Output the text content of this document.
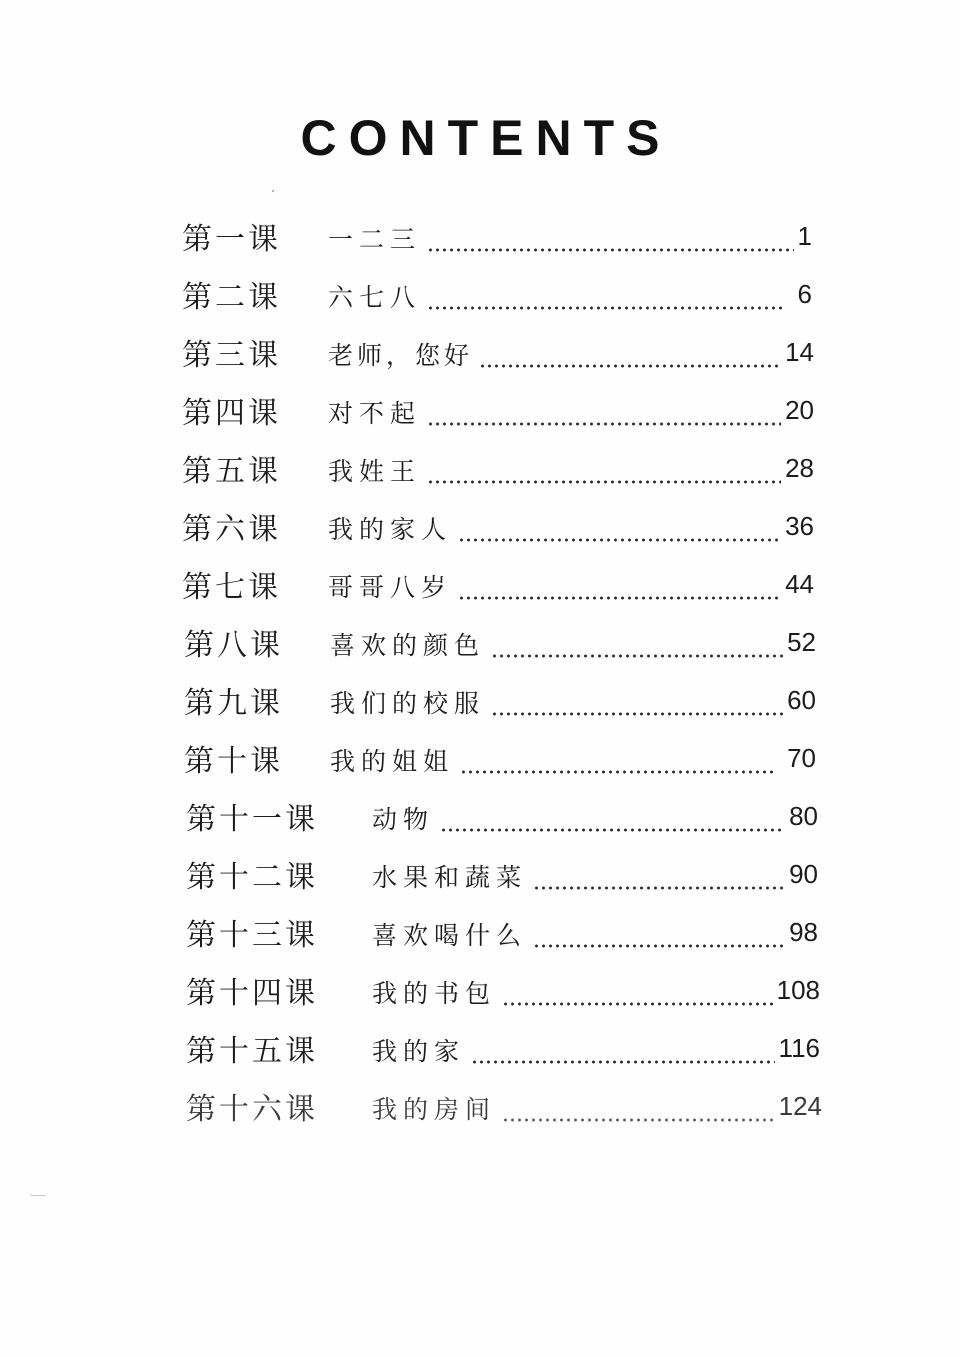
CONTENTS
第一课	一二三	1
第二课	六七八	6
第三课	老师，您好	14
第四课	对不起	20
第五课	我姓王	28
第六课	我的家人	36
第七课	哥哥八岁	44
第八课	喜欢的颜色	52
第九课	我们的校服	60
第十课	我的姐姐	70
第十一课	动物	80
第十二课	水果和蔬菜	90
第十三课	喜欢喝什么	98
第十四课	我的书包	108
第十五课	我的家	116
第十六课	我的房间	124
